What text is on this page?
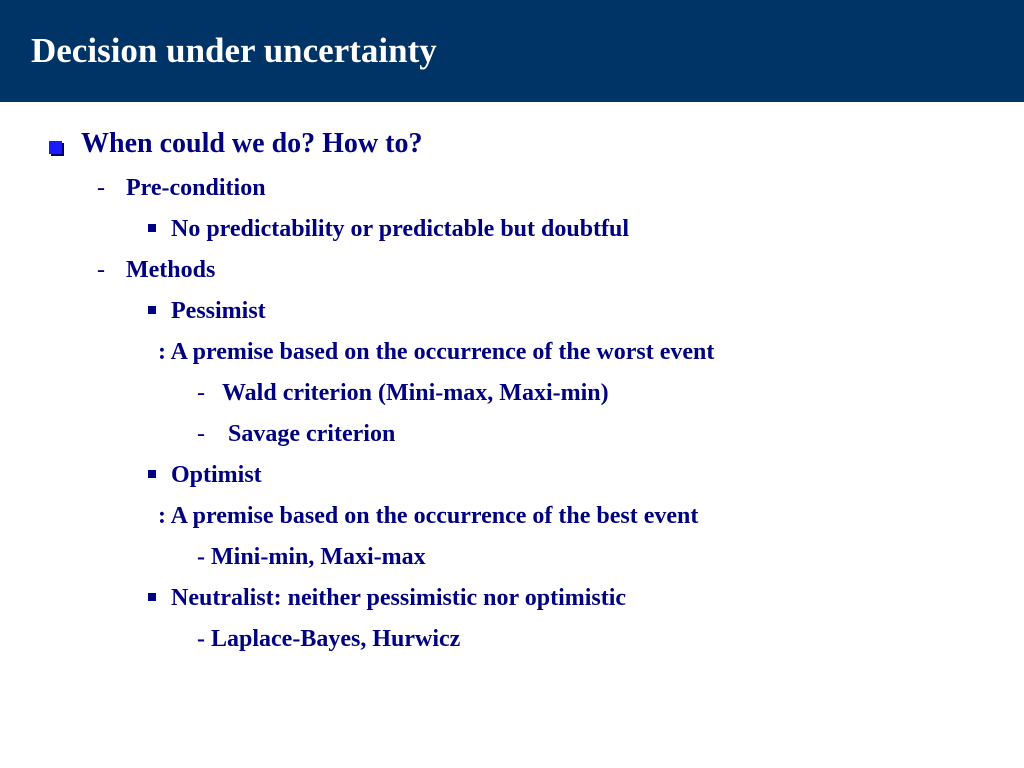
Decision under uncertainty
When could we do? How to?
- Pre-condition
No predictability or predictable but doubtful
- Methods
Pessimist
: A premise based on the occurrence of the worst event
- Wald criterion (Mini-max, Maxi-min)
- Savage criterion
Optimist
: A premise based on the occurrence of the best event
- Mini-min, Maxi-max
Neutralist: neither pessimistic nor optimistic
- Laplace-Bayes, Hurwicz
